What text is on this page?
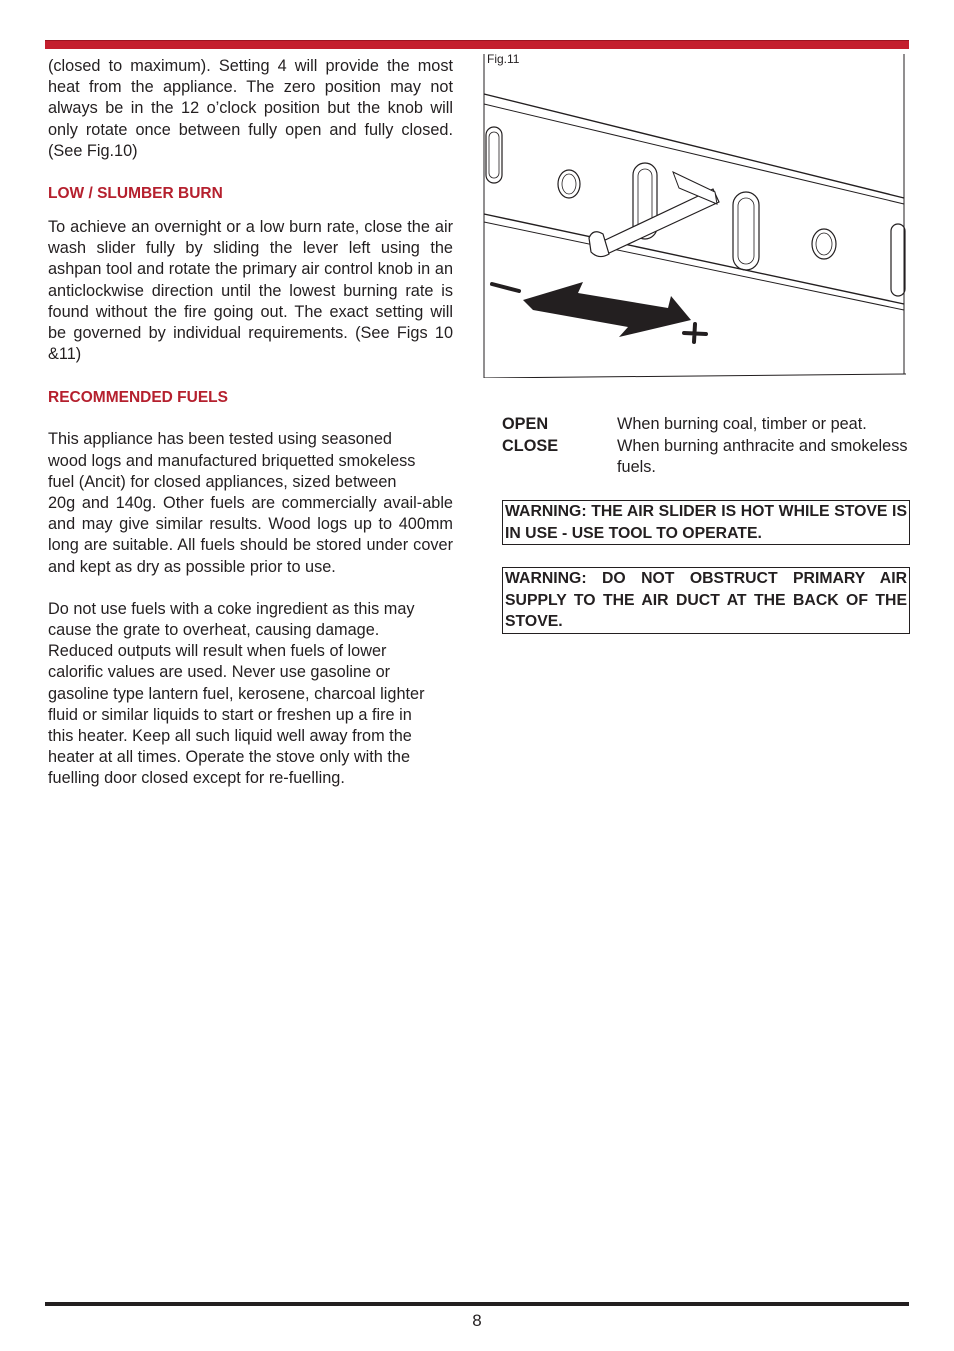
(closed to maximum). Setting 4 will provide the most heat from the appliance. The zero position may not always be in the 12 o’clock position but the knob will only rotate once between fully open and fully closed. (See Fig.10)

LOW / SLUMBER BURN

To achieve an overnight or a low burn rate, close the air wash slider fully by sliding the lever left using the ashpan tool and rotate the primary air control knob in an anticlockwise direction until the lowest burning rate is found without the fire going out. The exact setting will be governed by individual requirements. (See Figs 10 &11)

RECOMMENDED FUELS

This appliance has been tested using seasoned

wood logs and manufactured briquetted smokeless

fuel (Ancit) for closed appliances, sized between

20g and 140g. Other fuels are commercially avail-able and may give similar results. Wood logs up to 400mm long are suitable. All fuels should be stored under cover and kept as dry as possible prior to use.

Do not use fuels with a coke ingredient as this may

cause the grate to overheat, causing damage.

Reduced outputs will result when fuels of lower

calorific values are used. Never use gasoline or

gasoline type lantern fuel, kerosene, charcoal lighter

fluid or similar liquids to start or freshen up a fire in

this heater. Keep all such liquid well away from the

heater at all times. Operate the stove only with the

fuelling door closed except for re-fuelling.

Fig.11
OPEN	When burning coal, timber or peat.
CLOSE	When burning anthracite and smokeless fuels.
WARNING: THE AIR SLIDER IS HOT WHILE STOVE IS IN USE - USE TOOL TO OPERATE.
WARNING: DO NOT OBSTRUCT PRIMARY AIR SUPPLY TO THE AIR DUCT AT THE BACK OF THE STOVE.
8
